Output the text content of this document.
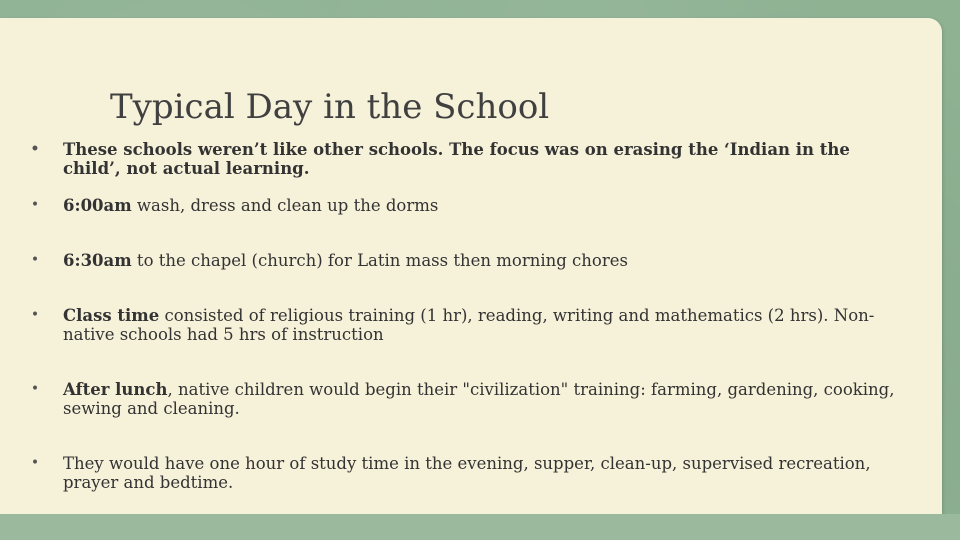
Typical Day in the School
• These schools weren’t like other schools. The focus was on erasing the ‘Indian in the child’, not actual learning.
• 6:00am wash, dress and clean up the dorms
• 6:30am to the chapel (church) for Latin mass then morning chores
• Class time consisted of religious training (1 hr), reading, writing and mathematics (2 hrs). Non-native schools had 5 hrs of instruction
• After lunch, native children would begin their "civilization" training: farming, gardening, cooking, sewing and cleaning.
• They would have one hour of study time in the evening, supper, clean-up, supervised recreation, prayer and bedtime.
